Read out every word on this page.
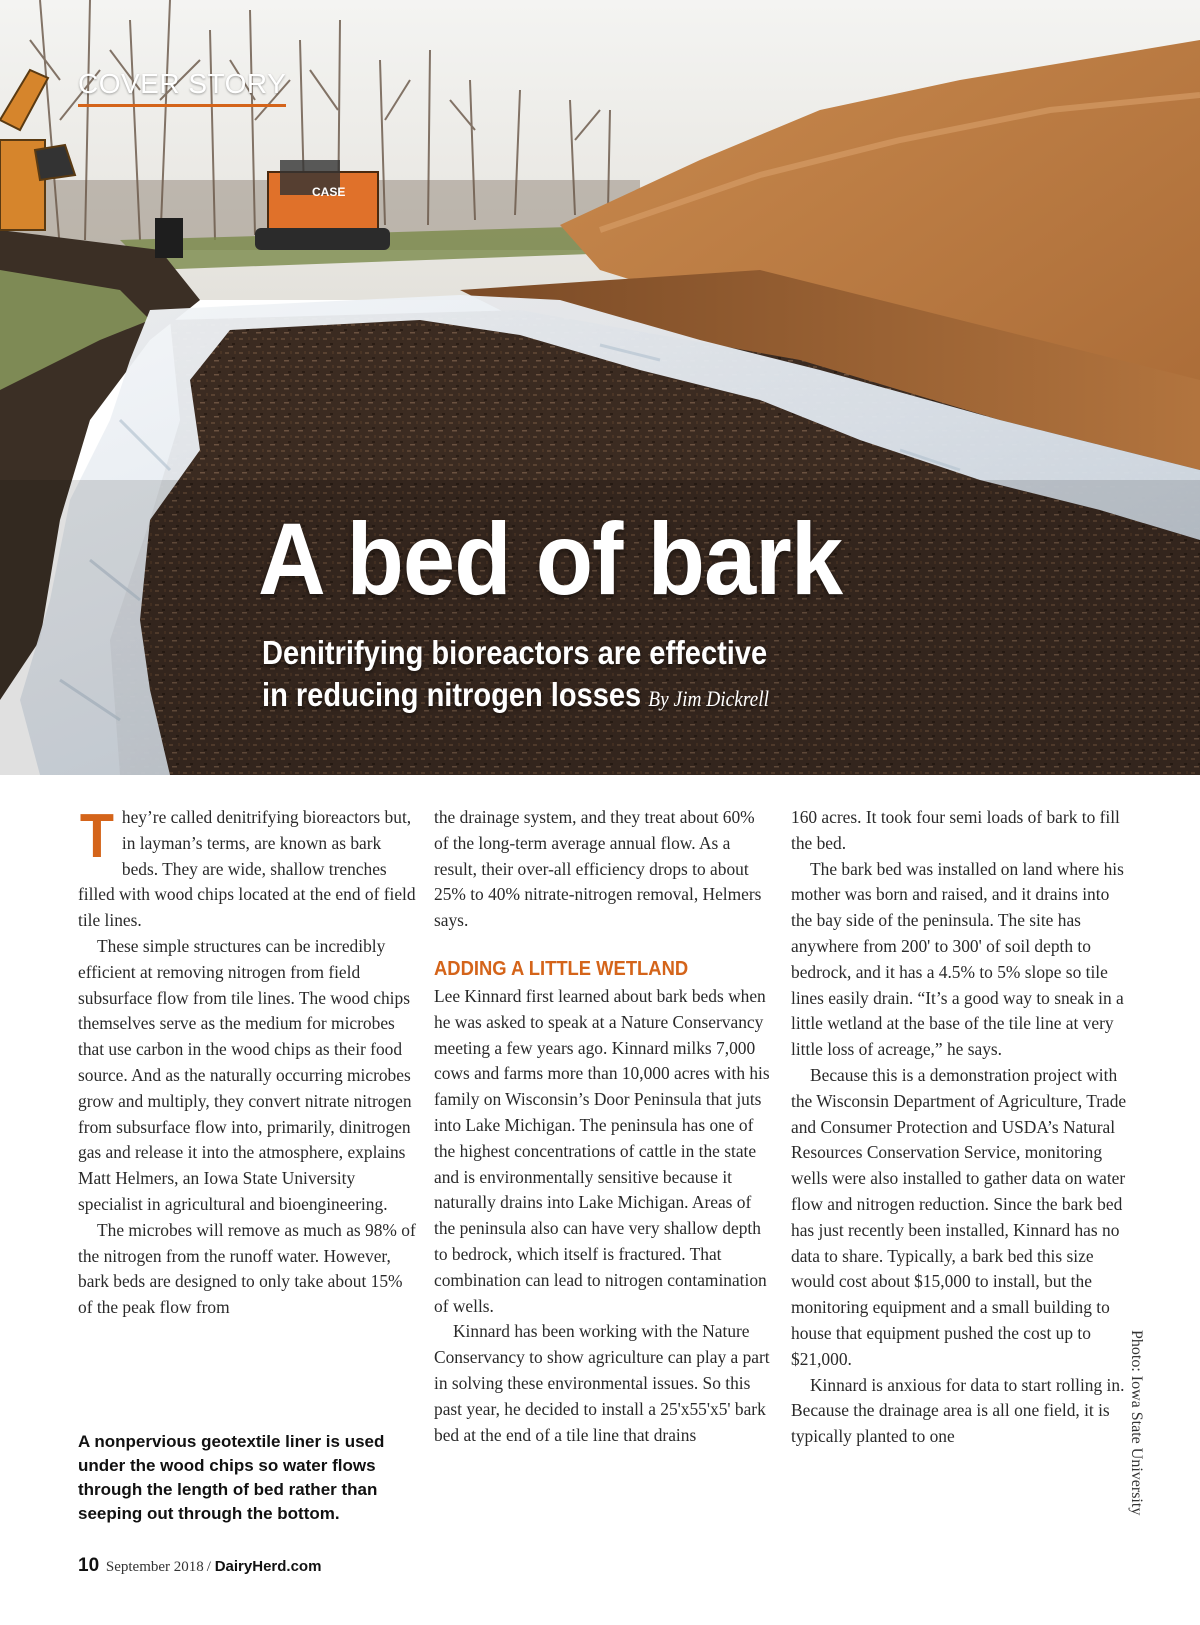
CASE
COVER STORY
A bed of bark
Denitrifying bioreactors are effective
in reducing nitrogen losses By Jim Dickrell

They’re called denitrifying bioreactors but, in layman’s terms, are known as bark beds. They are wide, shallow trenches filled with wood chips located at the end of field tile lines.

These simple structures can be incredibly efficient at removing nitrogen from field subsurface flow from tile lines. The wood chips themselves serve as the medium for microbes that use carbon in the wood chips as their food source. And as the naturally occurring microbes grow and multiply, they convert nitrate nitrogen from subsurface flow into, primarily, dinitrogen gas and release it into the atmosphere, explains Matt Helmers, an Iowa State University specialist in agricultural and bioengineering.

The microbes will remove as much as 98% of the nitrogen from the runoff water. However, bark beds are designed to only take about 15% of the peak flow from

the drainage system, and they treat about 60% of the long-term average annual flow. As a result, their over-all efficiency drops to about 25% to 40% nitrate-nitrogen removal, Helmers says.

ADDING A LITTLE WETLAND

Lee Kinnard first learned about bark beds when he was asked to speak at a Nature Conservancy meeting a few years ago. Kinnard milks 7,000 cows and farms more than 10,000 acres with his family on Wisconsin’s Door Peninsula that juts into Lake Michigan. The peninsula has one of the highest concentrations of cattle in the state and is environmentally sensitive because it naturally drains into Lake Michigan. Areas of the peninsula also can have very shallow depth to bedrock, which itself is fractured. That combination can lead to nitrogen contamination of wells.

Kinnard has been working with the Nature Conservancy to show agriculture can play a part in solving these environmental issues. So this past year, he decided to install a 25'x55'x5' bark bed at the end of a tile line that drains

160 acres. It took four semi loads of bark to fill the bed.

The bark bed was installed on land where his mother was born and raised, and it drains into the bay side of the peninsula. The site has anywhere from 200' to 300' of soil depth to bedrock, and it has a 4.5% to 5% slope so tile lines easily drain. “It’s a good way to sneak in a little wetland at the base of the tile line at very little loss of acreage,” he says.

Because this is a demonstration project with the Wisconsin Department of Agriculture, Trade and Consumer Protection and USDA’s Natural Resources Conservation Service, monitoring wells were also installed to gather data on water flow and nitrogen reduction. Since the bark bed has just recently been installed, Kinnard has no data to share. Typically, a bark bed this size would cost about $15,000 to install, but the monitoring equipment and a small building to house that equipment pushed the cost up to $21,000.

Kinnard is anxious for data to start rolling in. Because the drainage area is all one field, it is typically planted to one

A nonpervious geotextile liner is used under the wood chips so water flows through the length of bed rather than seeping out through the bottom.	Photo: Iowa State University
10 September 2018 / DairyHerd.com
